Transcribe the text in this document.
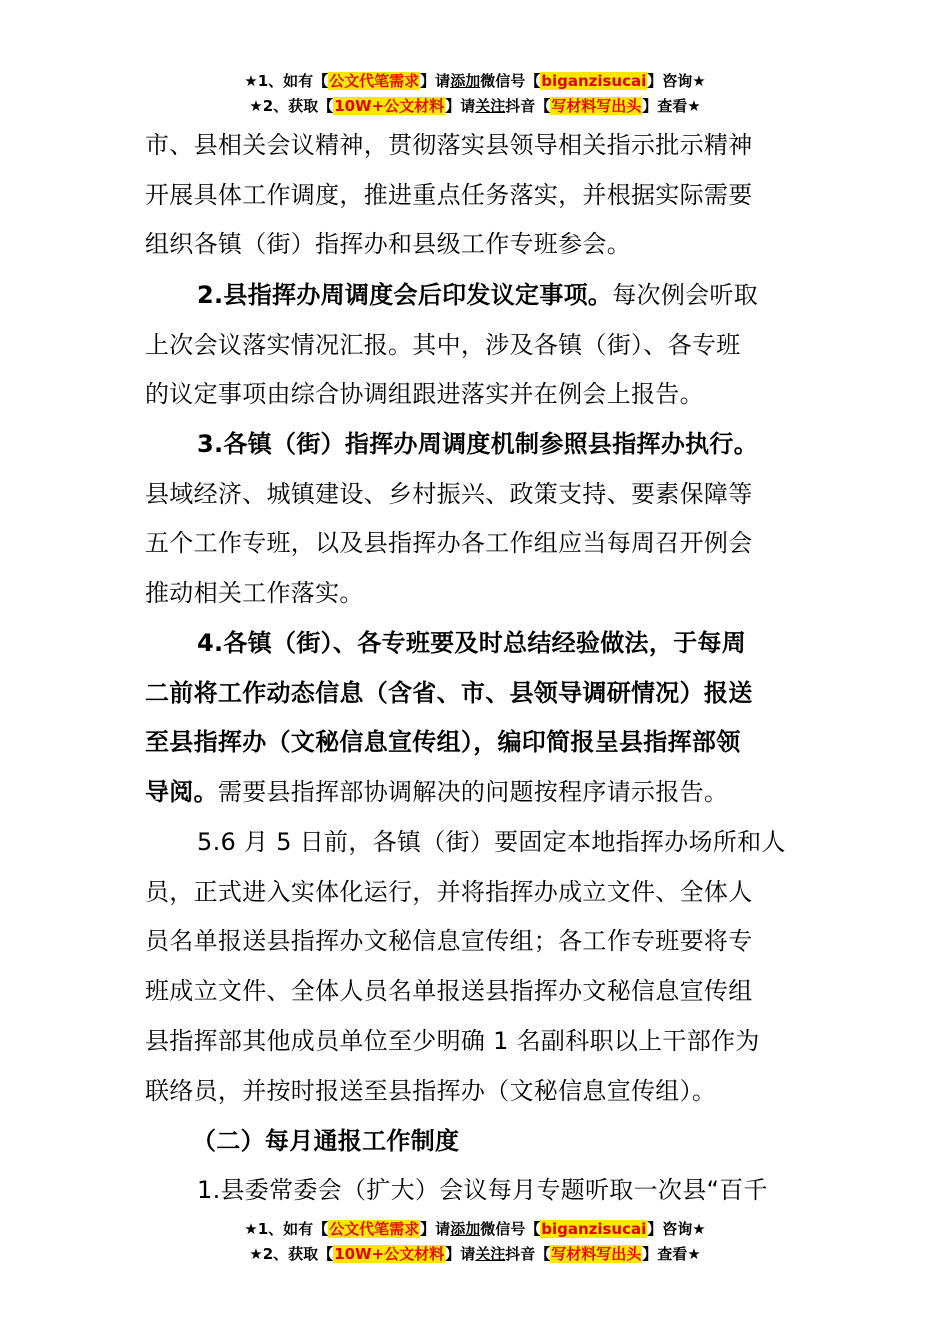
★1、如有【公文代笔需求】请添加微信号【biganzisucai】咨询★
★2、获取【10W+公文材料】请关注抖音【写材料写出头】查看★
市、县相关会议精神，贯彻落实县领导相关指示批示精神
开展具体工作调度，推进重点任务落实，并根据实际需要
组织各镇（街）指挥办和县级工作专班参会。
2.县指挥办周调度会后印发议定事项。每次例会听取
上次会议落实情况汇报。其中，涉及各镇（街）、各专班
的议定事项由综合协调组跟进落实并在例会上报告。
3.各镇（街）指挥办周调度机制参照县指挥办执行。
县域经济、城镇建设、乡村振兴、政策支持、要素保障等
五个工作专班，以及县指挥办各工作组应当每周召开例会
推动相关工作落实。
4.各镇（街）、各专班要及时总结经验做法，于每周
二前将工作动态信息（含省、市、县领导调研情况）报送
至县指挥办（文秘信息宣传组），编印简报呈县指挥部领
导阅。需要县指挥部协调解决的问题按程序请示报告。
5.6 月 5 日前，各镇（街）要固定本地指挥办场所和人
员，正式进入实体化运行，并将指挥办成立文件、全体人
员名单报送县指挥办文秘信息宣传组；各工作专班要将专
班成立文件、全体人员名单报送县指挥办文秘信息宣传组
县指挥部其他成员单位至少明确 1 名副科职以上干部作为
联络员，并按时报送至县指挥办（文秘信息宣传组）。
（二）每月通报工作制度
1.县委常委会（扩大）会议每月专题听取一次县“百千
★1、如有【公文代笔需求】请添加微信号【biganzisucai】咨询★
★2、获取【10W+公文材料】请关注抖音【写材料写出头】查看★
